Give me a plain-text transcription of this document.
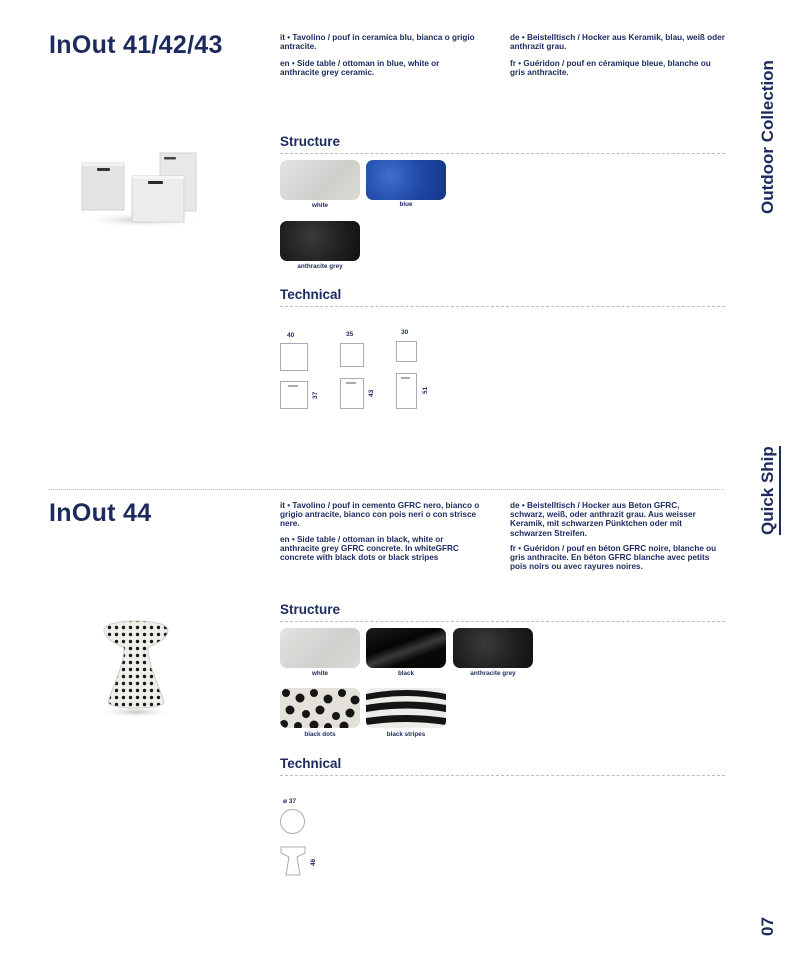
Outdoor Collection
Quick Ship
07
InOut 41/42/43	it • Tavolino / pouf in ceramica blu, bianca o grigio antracite.

en • Side table / ottoman in blue, white or anthracite grey ceramic.

de • Beistelltisch / Hocker aus Keramik, blau, weiß oder anthrazit grau.

fr • Guéridon / pouf en céramique bleue, blanche ou gris anthracite.

Structure
white	blue
anthracite grey
Technical
40
37
35
43
30
51
InOut 44	it • Tavolino / pouf in cemento GFRC nero, bianco o grigio antracite, bianco con pois neri o con strisce nere.

en • Side table / ottoman in black, white or anthracite grey GFRC concrete. In whiteGFRC concrete with black dots or black stripes

de • Beistelltisch / Hocker aus Beton GFRC, schwarz, weiß, oder anthrazit grau. Aus weisser Keramik, mit schwarzen Pünktchen oder mit schwarzen Streifen.

fr • Guéridon / pouf en béton GFRC noire, blanche ou gris anthracite. En béton GFRC blanche avec petits pois noirs ou avec rayures noires.

Structure
white	black	anthracite grey
black dots	black stripes
Technical
ø 37
46
